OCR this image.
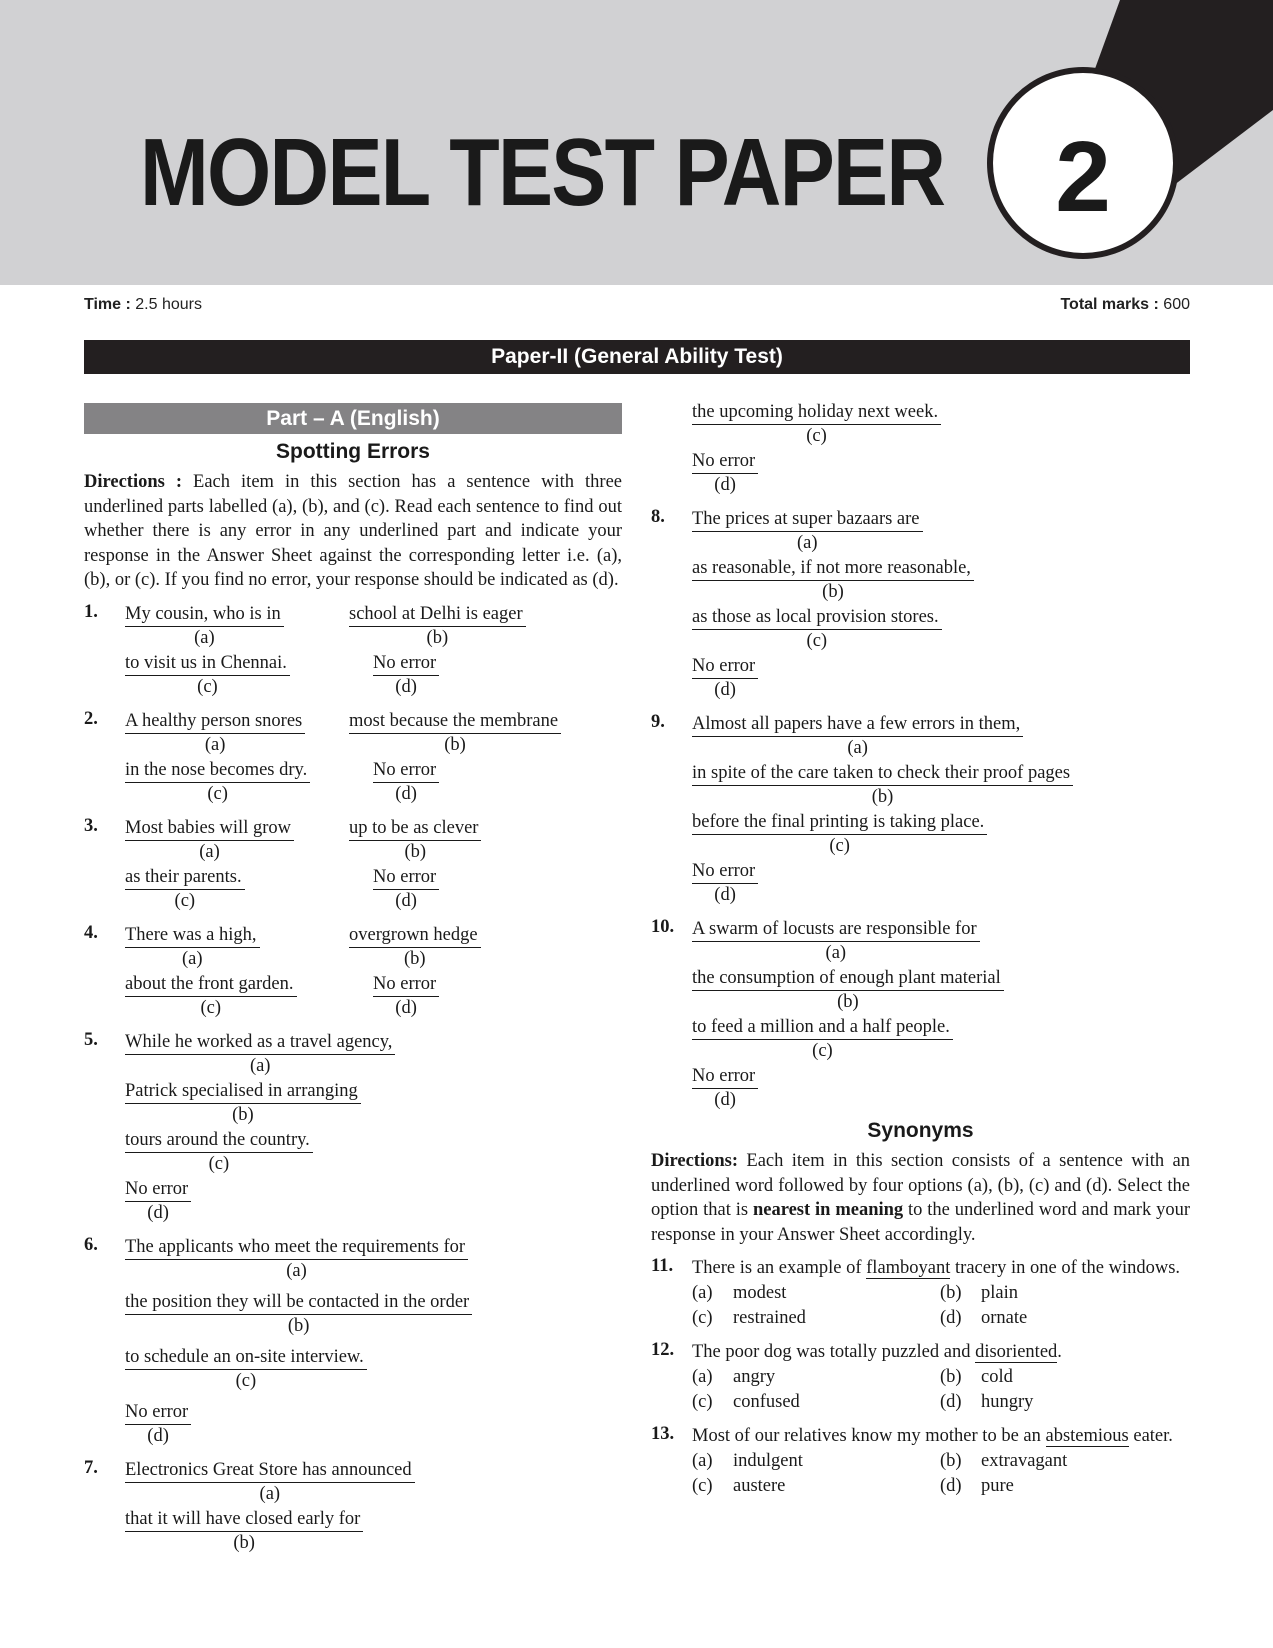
MODEL TEST PAPER 2
Time : 2.5 hours	Total marks : 600
Paper-II (General Ability Test)
Part – A (English)
Spotting Errors

Directions : Each item in this section has a sentence with three underlined parts labelled (a), (b), and (c). Read each sentence to find out whether there is any error in any underlined part and indicate your response in the Answer Sheet against the corresponding letter i.e. (a), (b), or (c). If you find no error, your response should be indicated as (d).

1. My cousin, who is in
(a)
school at Delhi is eager
(b)
to visit us in Chennai.
(c)
No error
(d)
2. A healthy person snores
(a)
most because the membrane
(b)
in the nose becomes dry.
(c)
No error
(d)
3. Most babies will grow
(a)
up to be as clever
(b)
as their parents.
(c)
No error
(d)
4. There was a high,
(a)
overgrown hedge
(b)
about the front garden.
(c)
No error
(d)
5. While he worked as a travel agency,
(a)
Patrick specialised in arranging
(b)
tours around the country.
(c)
No error
(d)
6. The applicants who meet the requirements for
(a)
the position they will be contacted in the order
(b)
to schedule an on-site interview.
(c)
No error
(d)
7. Electronics Great Store has announced
(a)
that it will have closed early for
(b)
the upcoming holiday next week.
(c)
No error
(d)
8. The prices at super bazaars are
(a)
as reasonable, if not more reasonable,
(b)
as those as local provision stores.
(c)
No error
(d)
9. Almost all papers have a few errors in them,
(a)
in spite of the care taken to check their proof pages
(b)
before the final printing is taking place.
(c)
No error
(d)
10. A swarm of locusts are responsible for
(a)
the consumption of enough plant material
(b)
to feed a million and a half people.
(c)
No error
(d)
Synonyms

Directions: Each item in this section consists of a sentence with an underlined word followed by four options (a), (b), (c) and (d). Select the option that is nearest in meaning to the underlined word and mark your response in your Answer Sheet accordingly.

11. There is an example of flamboyant tracery in one of the windows.
(a) modest	(b) plain
(c) restrained	(d) ornate
12. The poor dog was totally puzzled and disoriented.
(a) angry	(b) cold
(c) confused	(d) hungry
13. Most of our relatives know my mother to be an abstemious eater.
(a) indulgent	(b) extravagant
(c) austere	(d) pure
